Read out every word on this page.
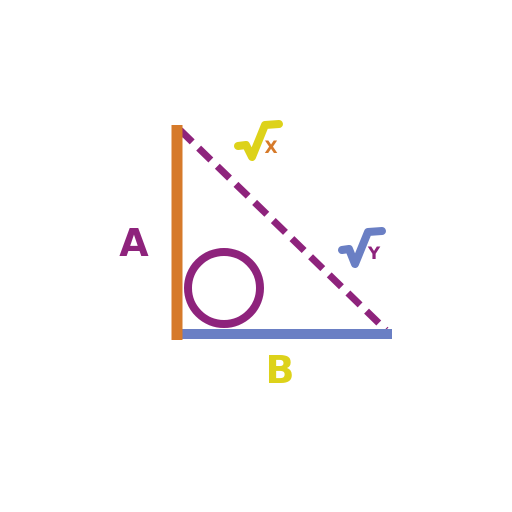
A
B
X
Y
